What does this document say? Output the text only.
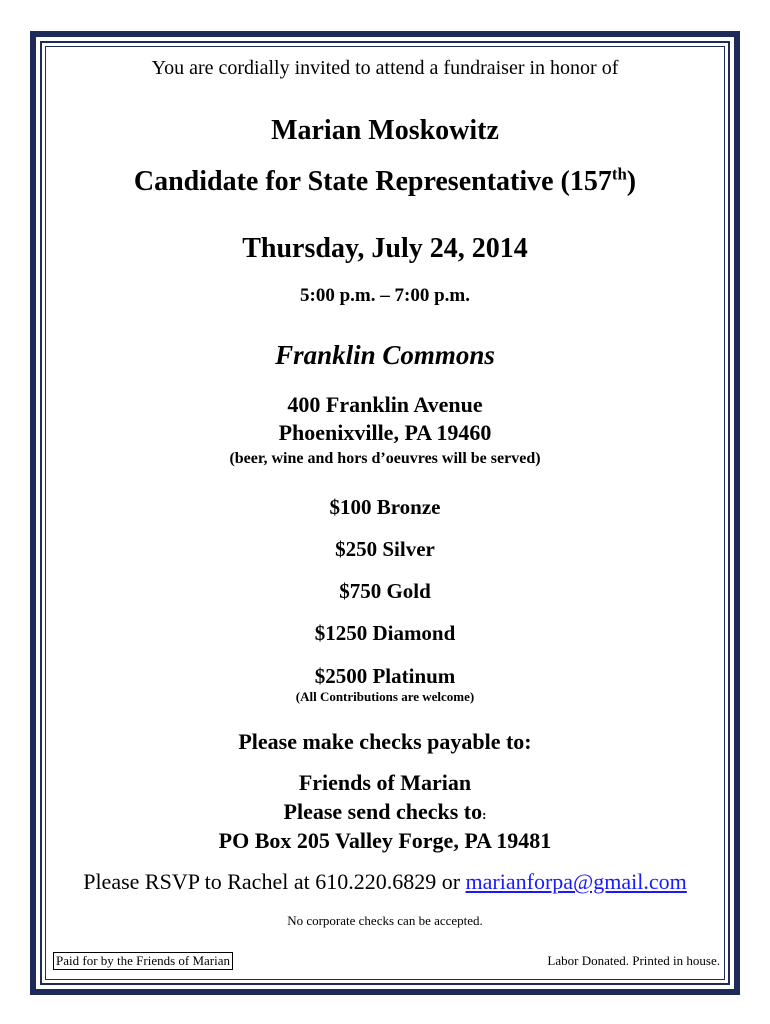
You are cordially invited to attend a fundraiser in honor of
Marian Moskowitz
Candidate for State Representative (157th)
Thursday, July 24, 2014
5:00 p.m. – 7:00 p.m.
Franklin Commons
400 Franklin Avenue
Phoenixville, PA 19460
(beer, wine and hors d’oeuvres will be served)
$100 Bronze
$250 Silver
$750 Gold
$1250 Diamond
$2500 Platinum
(All Contributions are welcome)
Please make checks payable to:
Friends of Marian
Please send checks to:
PO Box 205 Valley Forge, PA 19481
Please RSVP to Rachel at 610.220.6829 or marianforpa@gmail.com
No corporate checks can be accepted.
Paid for by the Friends of Marian	Labor Donated. Printed in house.
